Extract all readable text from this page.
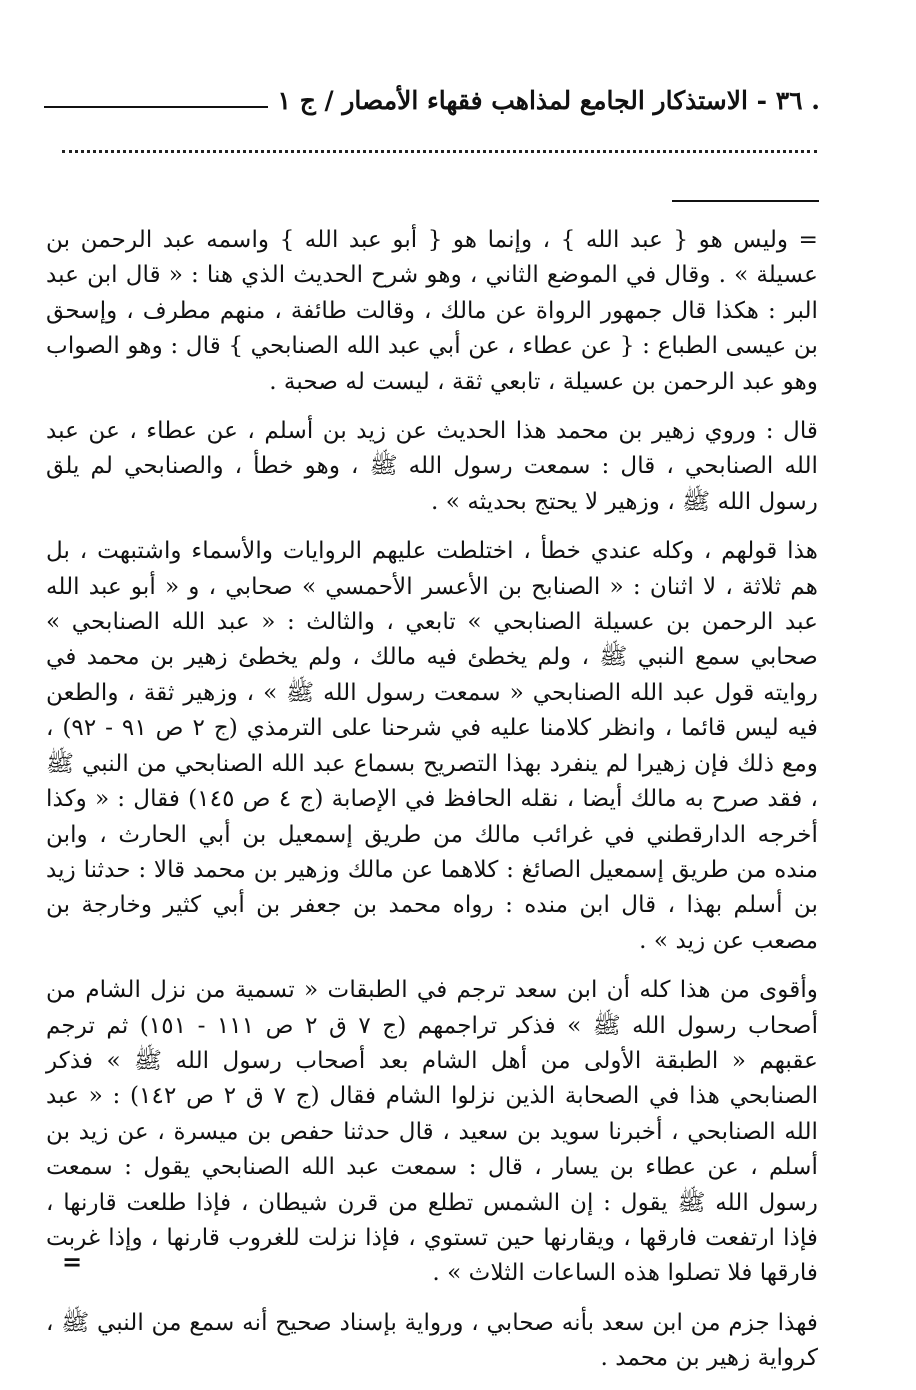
. ٣٦ - الاستذكار الجامع لمذاهب فقهاء الأمصار / ج ١

= وليس هو { عبد الله } ، وإنما هو { أبو عبد الله } واسمه عبد الرحمن بن عسيلة » . وقال في الموضع الثاني ، وهو شرح الحديث الذي هنا : « قال ابن عبد البر : هكذا قال جمهور الرواة عن مالك ، وقالت طائفة ، منهم مطرف ، وإسحق بن عيسى الطباع : { عن عطاء ، عن أبي عبد الله الصنابحي } قال : وهو الصواب وهو عبد الرحمن بن عسيلة ، تابعي ثقة ، ليست له صحبة .

قال : وروي زهير بن محمد هذا الحديث عن زيد بن أسلم ، عن عطاء ، عن عبد الله الصنابحي ، قال : سمعت رسول الله ﷺ ، وهو خطأ ، والصنابحي لم يلق رسول الله ﷺ ، وزهير لا يحتج بحديثه » .

هذا قولهم ، وكله عندي خطأ ، اختلطت عليهم الروايات والأسماء واشتبهت ، بل هم ثلاثة ، لا اثنان : « الصنابح بن الأعسر الأحمسي » صحابي ، و « أبو عبد الله عبد الرحمن بن عسيلة الصنابحي » تابعي ، والثالث : « عبد الله الصنابحي » صحابي سمع النبي ﷺ ، ولم يخطئ فيه مالك ، ولم يخطئ زهير بن محمد في روايته قول عبد الله الصنابحي « سمعت رسول الله ﷺ » ، وزهير ثقة ، والطعن فيه ليس قائما ، وانظر كلامنا عليه في شرحنا على الترمذي (ج ٢ ص ٩١ - ٩٢) ، ومع ذلك فإن زهيرا لم ينفرد بهذا التصريح بسماع عبد الله الصنابحي من النبي ﷺ ، فقد صرح به مالك أيضا ، نقله الحافظ في الإصابة (ج ٤ ص ١٤٥) فقال : « وكذا أخرجه الدارقطني في غرائب مالك من طريق إسمعيل بن أبي الحارث ، وابن منده من طريق إسمعيل الصائغ : كلاهما عن مالك وزهير بن محمد قالا : حدثنا زيد بن أسلم بهذا ، قال ابن منده : رواه محمد بن جعفر بن أبي كثير وخارجة بن مصعب عن زيد » .

وأقوى من هذا كله أن ابن سعد ترجم في الطبقات « تسمية من نزل الشام من أصحاب رسول الله ﷺ » فذكر تراجمهم (ج ٧ ق ٢ ص ١١١ - ١٥١) ثم ترجم عقبهم « الطبقة الأولى من أهل الشام بعد أصحاب رسول الله ﷺ » فذكر الصنابحي هذا في الصحابة الذين نزلوا الشام فقال (ج ٧ ق ٢ ص ١٤٢) : « عبد الله الصنابحي ، أخبرنا سويد بن سعيد ، قال حدثنا حفص بن ميسرة ، عن زيد بن أسلم ، عن عطاء بن يسار ، قال : سمعت عبد الله الصنابحي يقول : سمعت رسول الله ﷺ يقول : إن الشمس تطلع من قرن شيطان ، فإذا طلعت قارنها ، فإذا ارتفعت فارقها ، ويقارنها حين تستوي ، فإذا نزلت للغروب قارنها ، وإذا غربت فارقها فلا تصلوا هذه الساعات الثلاث » .

فهذا جزم من ابن سعد بأنه صحابي ، ورواية بإسناد صحيح أنه سمع من النبي ﷺ ، كرواية زهير بن محمد .

=
